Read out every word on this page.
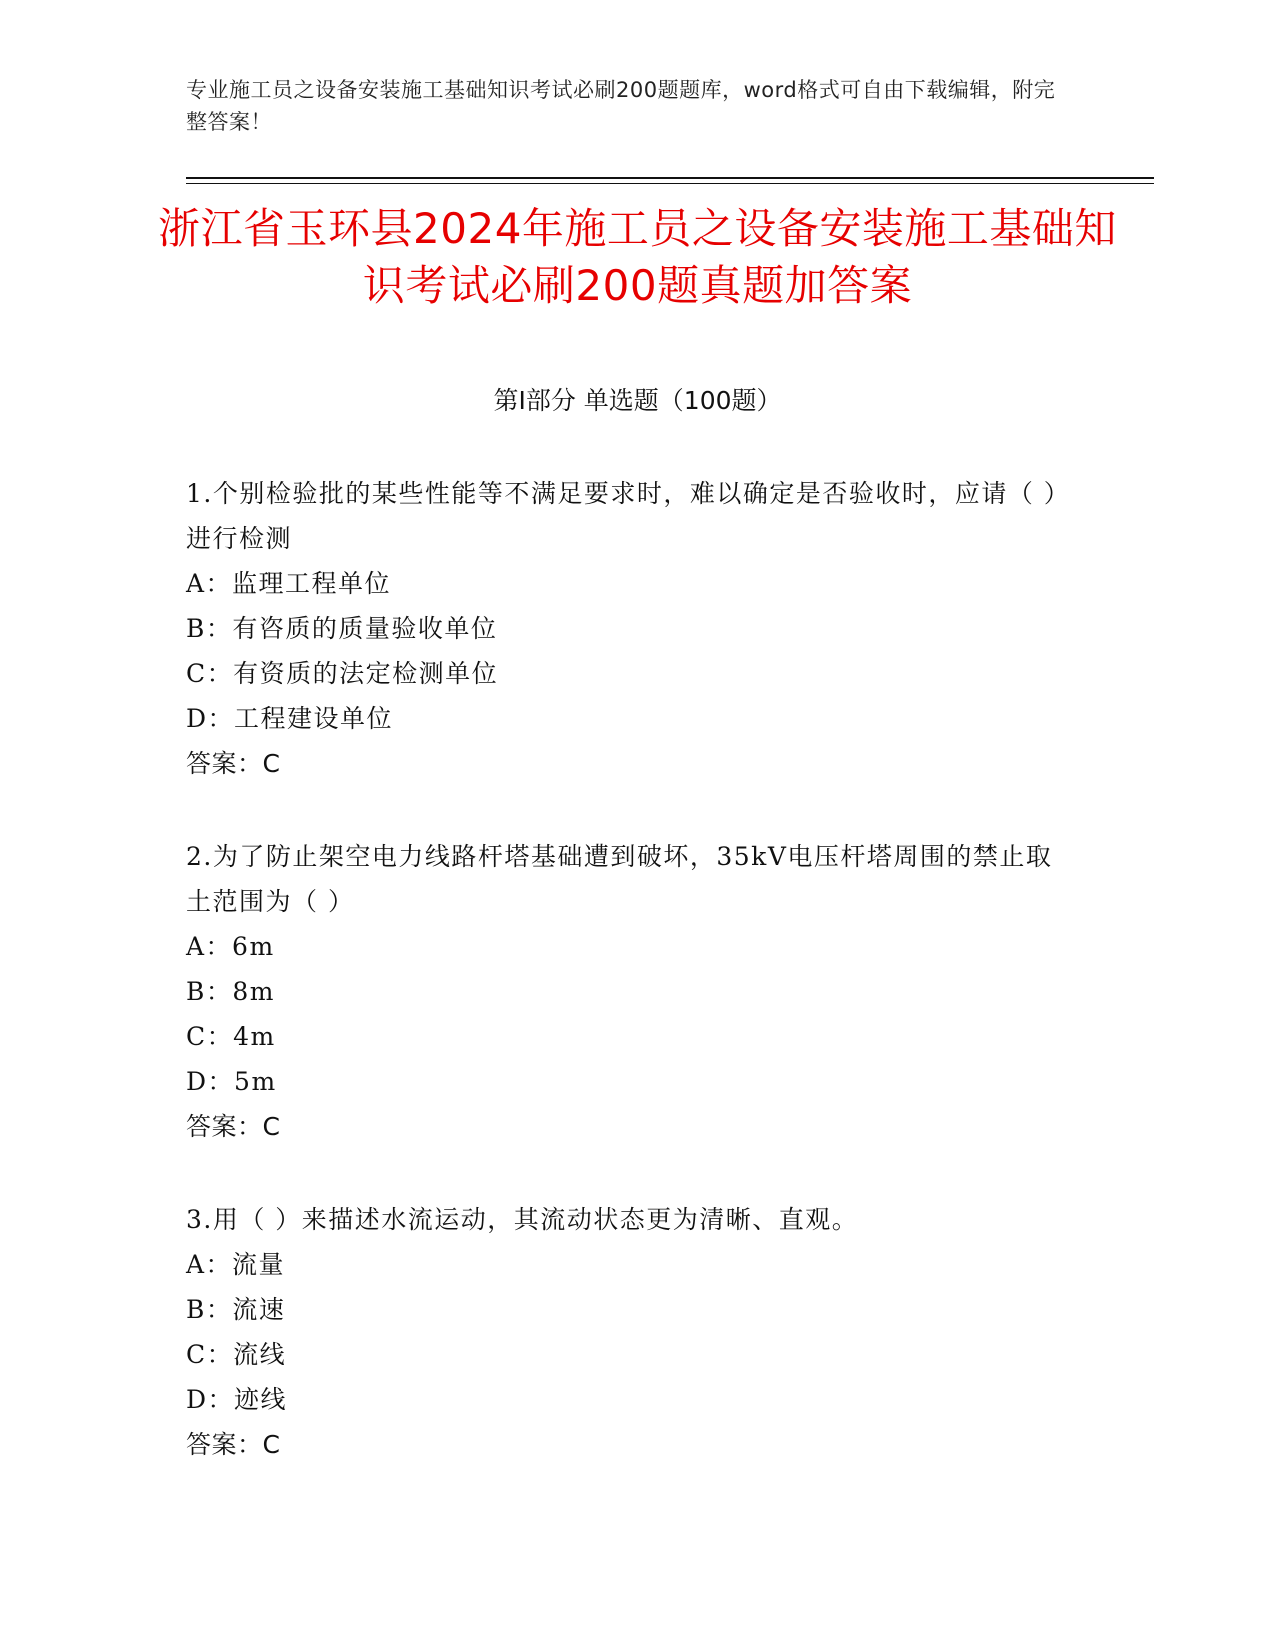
专业施工员之设备安装施工基础知识考试必刷200题题库，word格式可自由下载编辑，附完整答案！
浙江省玉环县2024年施工员之设备安装施工基础知识考试必刷200题真题加答案
第Ⅰ部分 单选题（100题）
1.个别检验批的某些性能等不满足要求时，难以确定是否验收时，应请（ ）进行检测
A：监理工程单位
B：有咨质的质量验收单位
C：有资质的法定检测单位
D：工程建设单位
答案：C
2.为了防止架空电力线路杆塔基础遭到破坏，35kV电压杆塔周围的禁止取土范围为（ ）
A：6m
B：8m
C：4m
D：5m
答案：C
3.用（ ）来描述水流运动，其流动状态更为清晰、直观。
A：流量
B：流速
C：流线
D：迹线
答案：C
